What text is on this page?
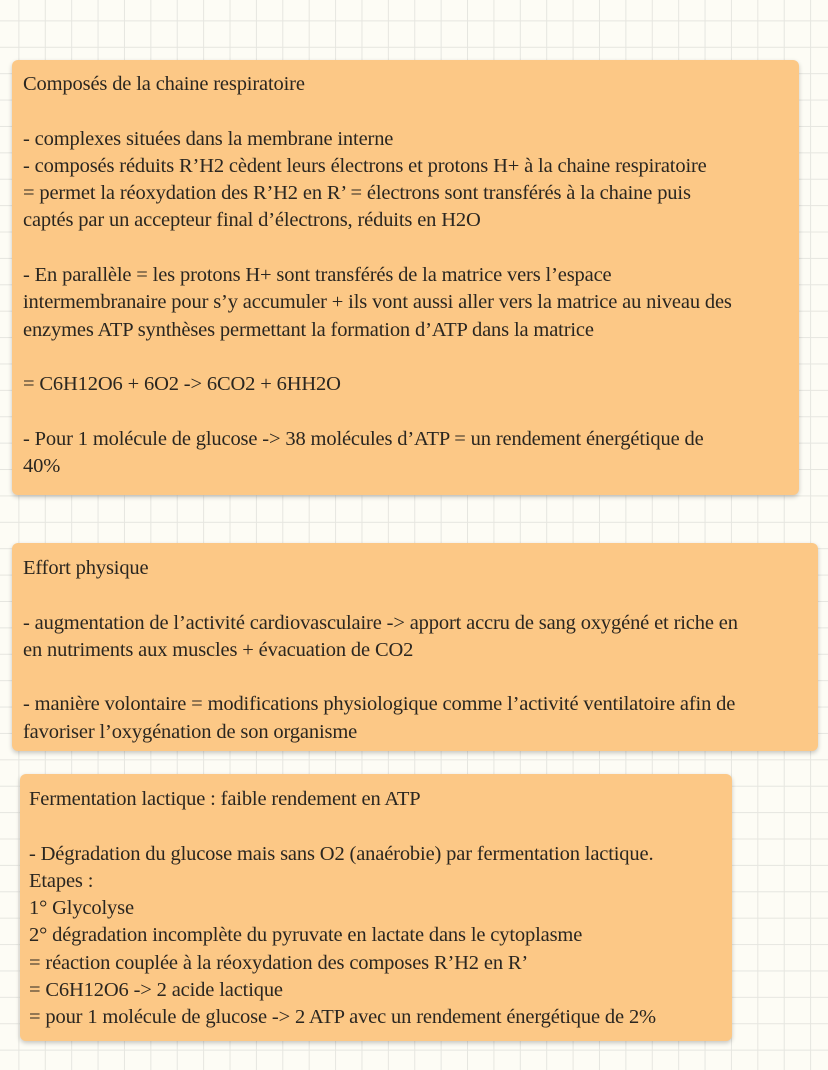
Composés de la chaine respiratoire

- complexes situées dans la membrane interne

- composés réduits R’H2 cèdent leurs électrons et protons H+ à la chaine respiratoire

= permet la réoxydation des R’H2 en R’ = électrons sont transférés à la chaine puis

captés par un accepteur final d’électrons, réduits en H2O

- En parallèle = les protons H+ sont transférés de la matrice vers l’espace

intermembranaire pour s’y accumuler + ils vont aussi aller vers la matrice au niveau des

enzymes ATP synthèses permettant la formation d’ATP dans la matrice

= C6H12O6 + 6O2 -> 6CO2 + 6HH2O

- Pour 1 molécule de glucose -> 38 molécules d’ATP = un rendement énergétique de

40%

Effort physique

- augmentation de l’activité cardiovasculaire -> apport accru de sang oxygéné et riche en

en nutriments aux muscles + évacuation de CO2

- manière volontaire = modifications physiologique comme l’activité ventilatoire afin de

favoriser l’oxygénation de son organisme

Fermentation lactique : faible rendement en ATP

- Dégradation du glucose mais sans O2 (anaérobie) par fermentation lactique.

Etapes :

1° Glycolyse

2° dégradation incomplète du pyruvate en lactate dans le cytoplasme

= réaction couplée à la réoxydation des composes R’H2 en R’

= C6H12O6 -> 2 acide lactique

= pour 1 molécule de glucose -> 2 ATP avec un rendement énergétique de 2%
